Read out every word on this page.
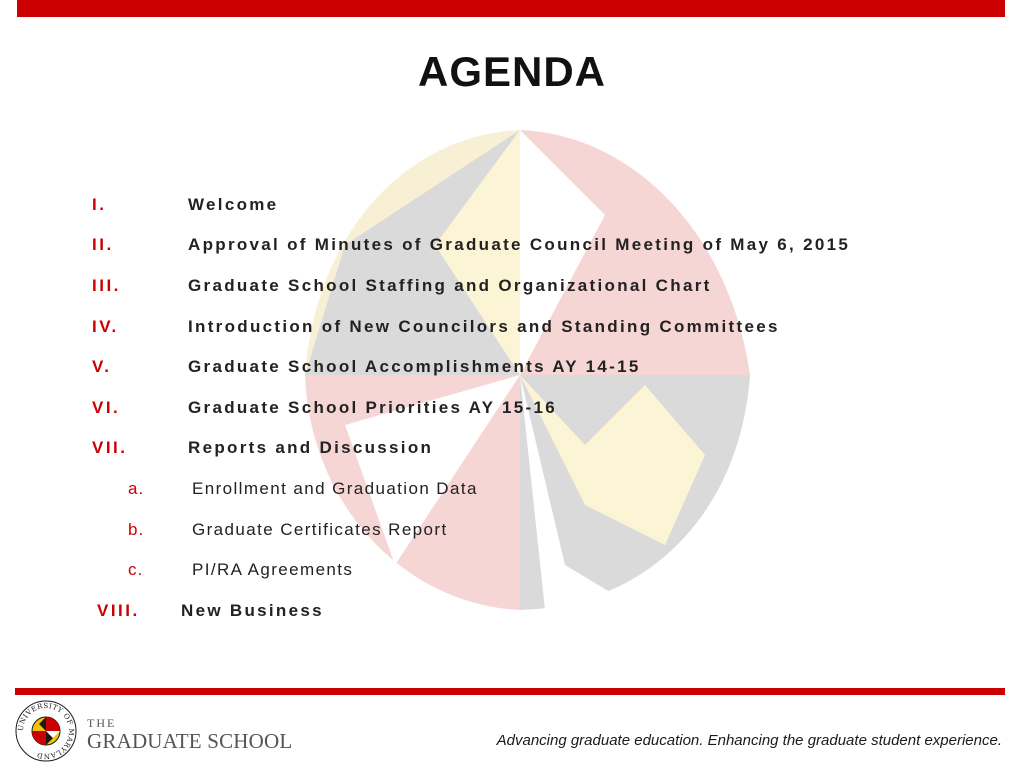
AGENDA
I.	Welcome
II.	Approval of Minutes of Graduate Council Meeting of May 6, 2015
III.	Graduate School Staffing and Organizational Chart
IV.	Introduction of New Councilors and Standing Committees
V.	Graduate School Accomplishments AY 14-15
VI.	Graduate School Priorities AY 15-16
VII.	Reports and Discussion
a.	Enrollment and Graduation Data
b.	Graduate Certificates Report
c.	PI/RA Agreements
VIII. New Business
UNIVERSITY OF MARYLAND
THE
GRADUATE SCHOOL	Advancing graduate education. Enhancing the graduate student experience.
